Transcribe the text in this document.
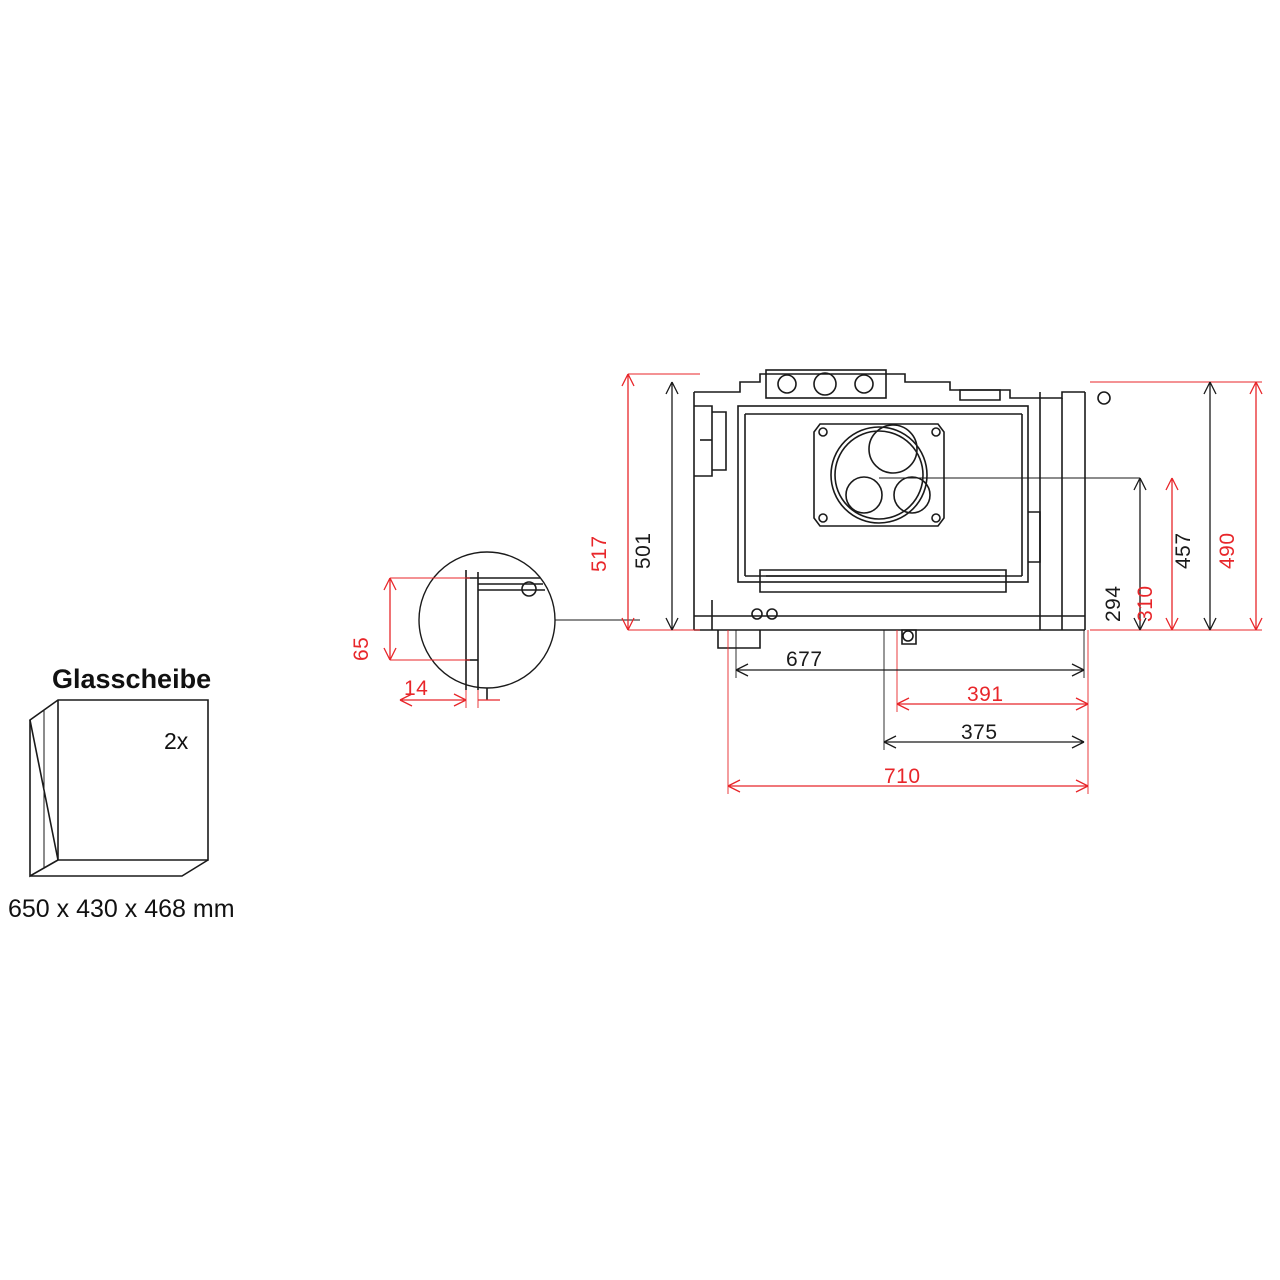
517 501	490
457
310
294
677
391
375
710
65
14
Glasscheibe
2x
650 x 430 x 468 mm
